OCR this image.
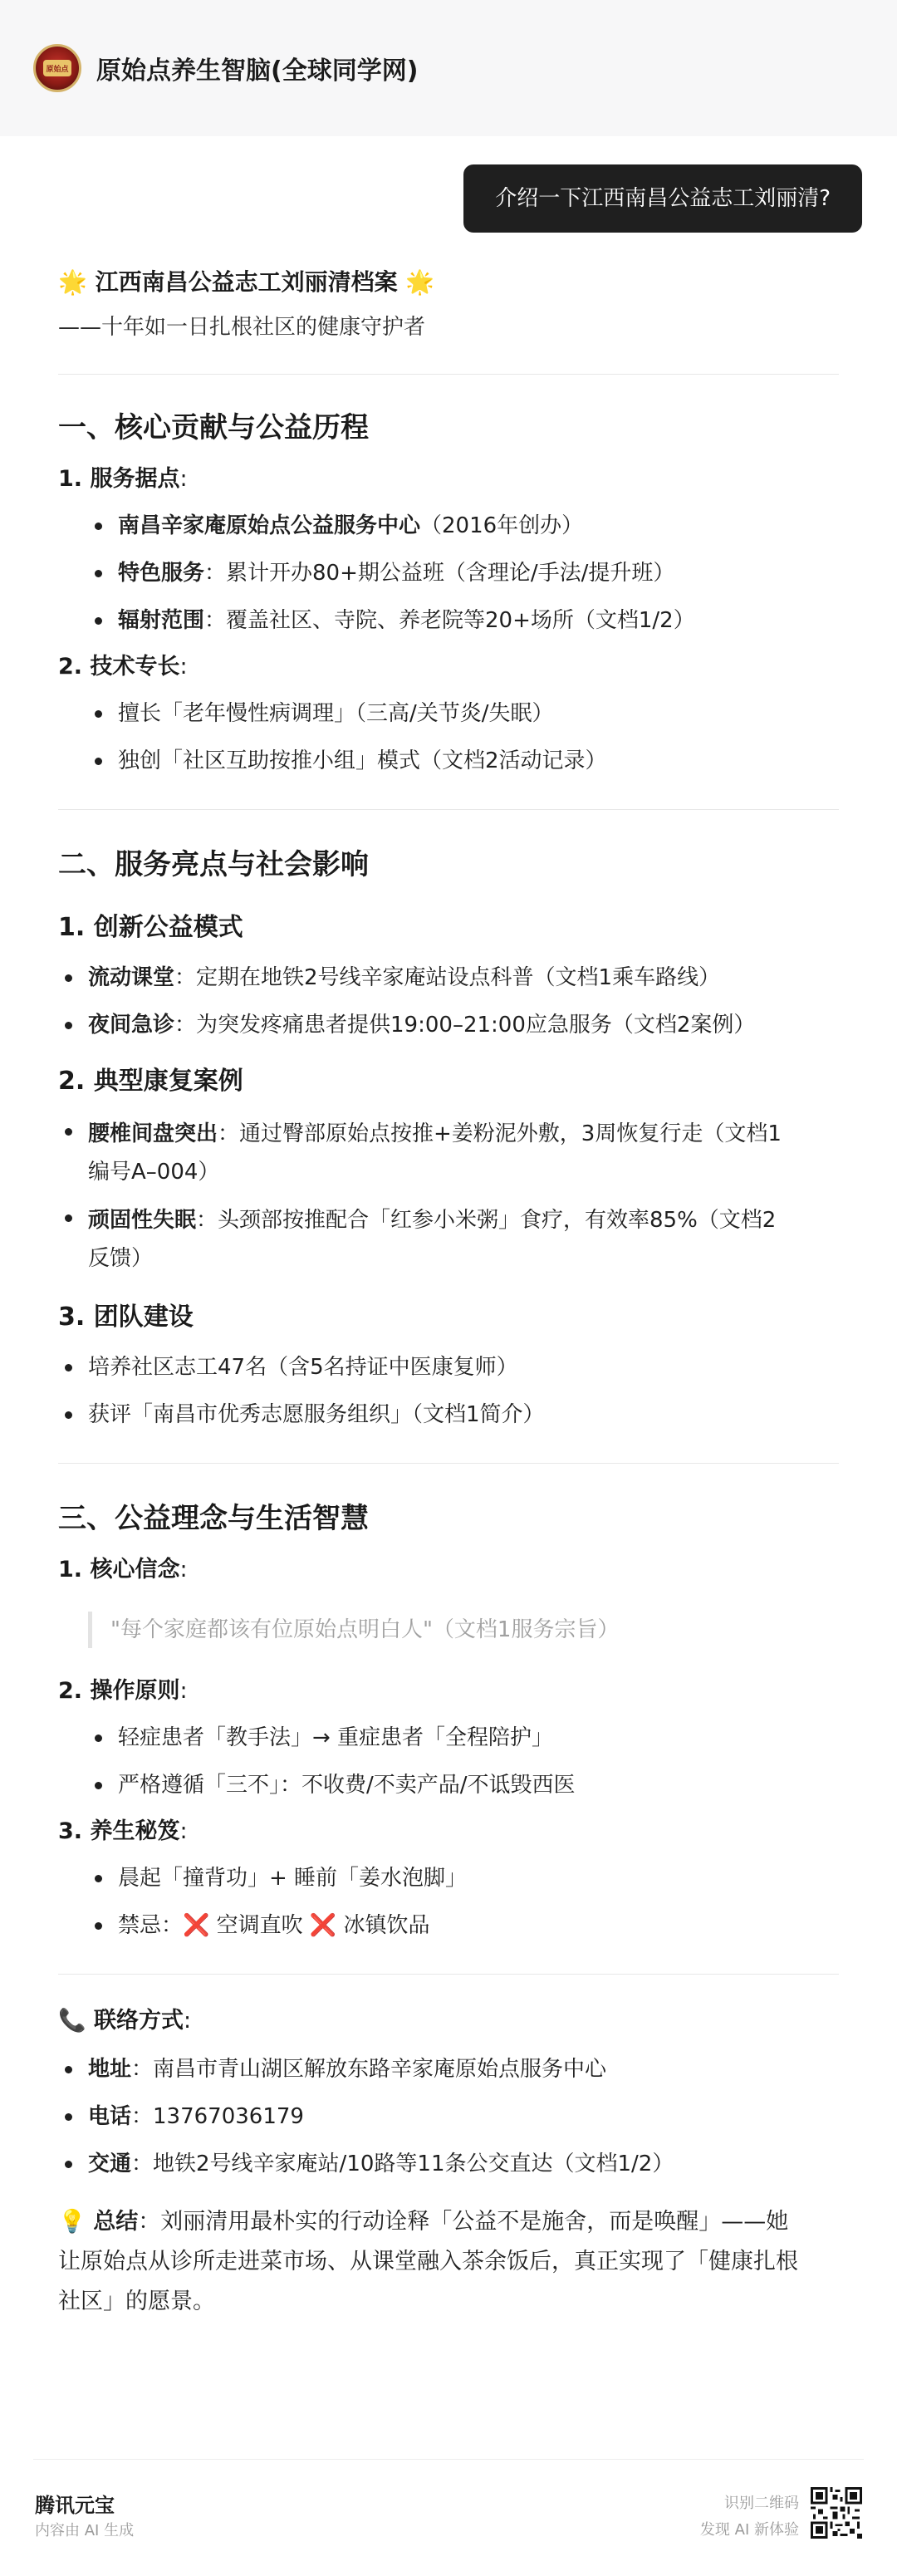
原始点 原始点养生智脑(全球同学网)
介绍一下江西南昌公益志工刘丽清?
🌟 江西南昌公益志工刘丽清档案 🌟
——十年如一日扎根社区的健康守护者
一、核心贡献与公益历程
1. 服务据点:
南昌辛家庵原始点公益服务中心（2016年创办）
特色服务：累计开办80+期公益班（含理论/手法/提升班）
辐射范围：覆盖社区、寺院、养老院等20+场所（文档1/2）
2. 技术专长:
擅长「老年慢性病调理」（三高/关节炎/失眠）
独创「社区互助按推小组」模式（文档2活动记录）
二、服务亮点与社会影响
1. 创新公益模式
流动课堂：定期在地铁2号线辛家庵站设点科普（文档1乘车路线）
夜间急诊：为突发疼痛患者提供19:00–21:00应急服务（文档2案例）
2. 典型康复案例
腰椎间盘突出：通过臀部原始点按推+姜粉泥外敷，3周恢复行走（文档1
编号A–004）
顽固性失眠：头颈部按推配合「红参小米粥」食疗，有效率85%（文档2
反馈）
3. 团队建设
培养社区志工47名（含5名持证中医康复师）
获评「南昌市优秀志愿服务组织」（文档1简介）
三、公益理念与生活智慧
1. 核心信念:
"每个家庭都该有位原始点明白人"（文档1服务宗旨）
2. 操作原则:
轻症患者「教手法」→ 重症患者「全程陪护」
严格遵循「三不」：不收费/不卖产品/不诋毁西医
3. 养生秘笈:
晨起「撞背功」+ 睡前「姜水泡脚」
禁忌：❌ 空调直吹 ❌ 冰镇饮品
📞 联络方式:
地址：南昌市青山湖区解放东路辛家庵原始点服务中心
电话：13767036179
交通：地铁2号线辛家庵站/10路等11条公交直达（文档1/2）
💡 总结：刘丽清用最朴实的行动诠释「公益不是施舍，而是唤醒」——她
让原始点从诊所走进菜市场、从课堂融入茶余饭后，真正实现了「健康扎根
社区」的愿景。
腾讯元宝
内容由 AI 生成
识别二维码
发现 AI 新体验
